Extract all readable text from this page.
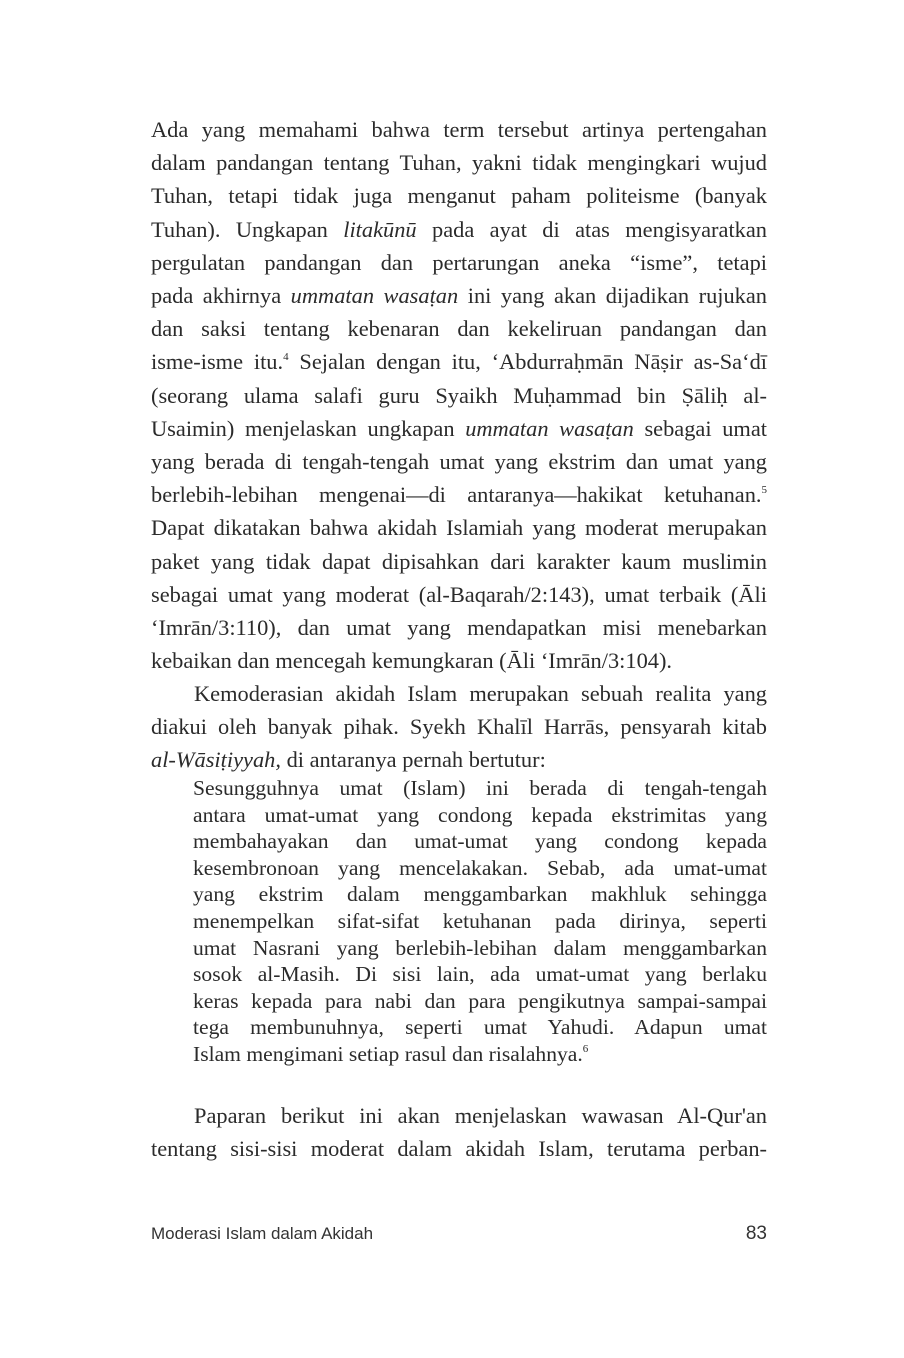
Ada yang memahami bahwa term tersebut artinya pertengahan
dalam pandangan tentang Tuhan, yakni tidak mengingkari wujud
Tuhan, tetapi tidak juga menganut paham politeisme (banyak
Tuhan). Ungkapan litakūnū pada ayat di atas mengisyaratkan
pergulatan pandangan dan pertarungan aneka “isme”, tetapi
pada akhirnya ummatan wasaṭan ini yang akan dijadikan rujukan
dan saksi tentang kebenaran dan kekeliruan pandangan dan
isme-isme itu.$^4$ Sejalan dengan itu, ‘Abdurraḥmān Nāṣir as-Sa‘dī
(seorang ulama salafi guru Syaikh Muḥammad bin Ṣāliḥ al-
Usaimin) menjelaskan ungkapan ummatan wasaṭan sebagai umat
yang berada di tengah-tengah umat yang ekstrim dan umat yang
berlebih-lebihan mengenai—di antaranya—hakikat ketuhanan.$^5$
Dapat dikatakan bahwa akidah Islamiah yang moderat merupakan
paket yang tidak dapat dipisahkan dari karakter kaum muslimin
sebagai umat yang moderat (al-Baqarah/2:143), umat terbaik (Āli
‘Imrān/3:110), dan umat yang mendapatkan misi menebarkan
kebaikan dan mencegah kemungkaran (Āli ‘Imrān/3:104).
Kemoderasian akidah Islam merupakan sebuah realita yang
diakui oleh banyak pihak. Syekh Khalīl Harrās, pensyarah kitab
al-Wāsiṭiyyah, di antaranya pernah bertutur:
Sesungguhnya umat (Islam) ini berada di tengah-tengah
antara umat-umat yang condong kepada ekstrimitas yang
membahayakan dan umat-umat yang condong kepada
kesembronoan yang mencelakakan. Sebab, ada umat-umat
yang ekstrim dalam menggambarkan makhluk sehingga
menempelkan sifat-sifat ketuhanan pada dirinya, seperti
umat Nasrani yang berlebih-lebihan dalam menggambarkan
sosok al-Masih. Di sisi lain, ada umat-umat yang berlaku
keras kepada para nabi dan para pengikutnya sampai-sampai
tega membunuhnya, seperti umat Yahudi. Adapun umat
Islam mengimani setiap rasul dan risalahnya.$^6$
Paparan berikut ini akan menjelaskan wawasan Al-Qur'an
tentang sisi-sisi moderat dalam akidah Islam, terutama perban-
Moderasi Islam dalam Akidah	83
